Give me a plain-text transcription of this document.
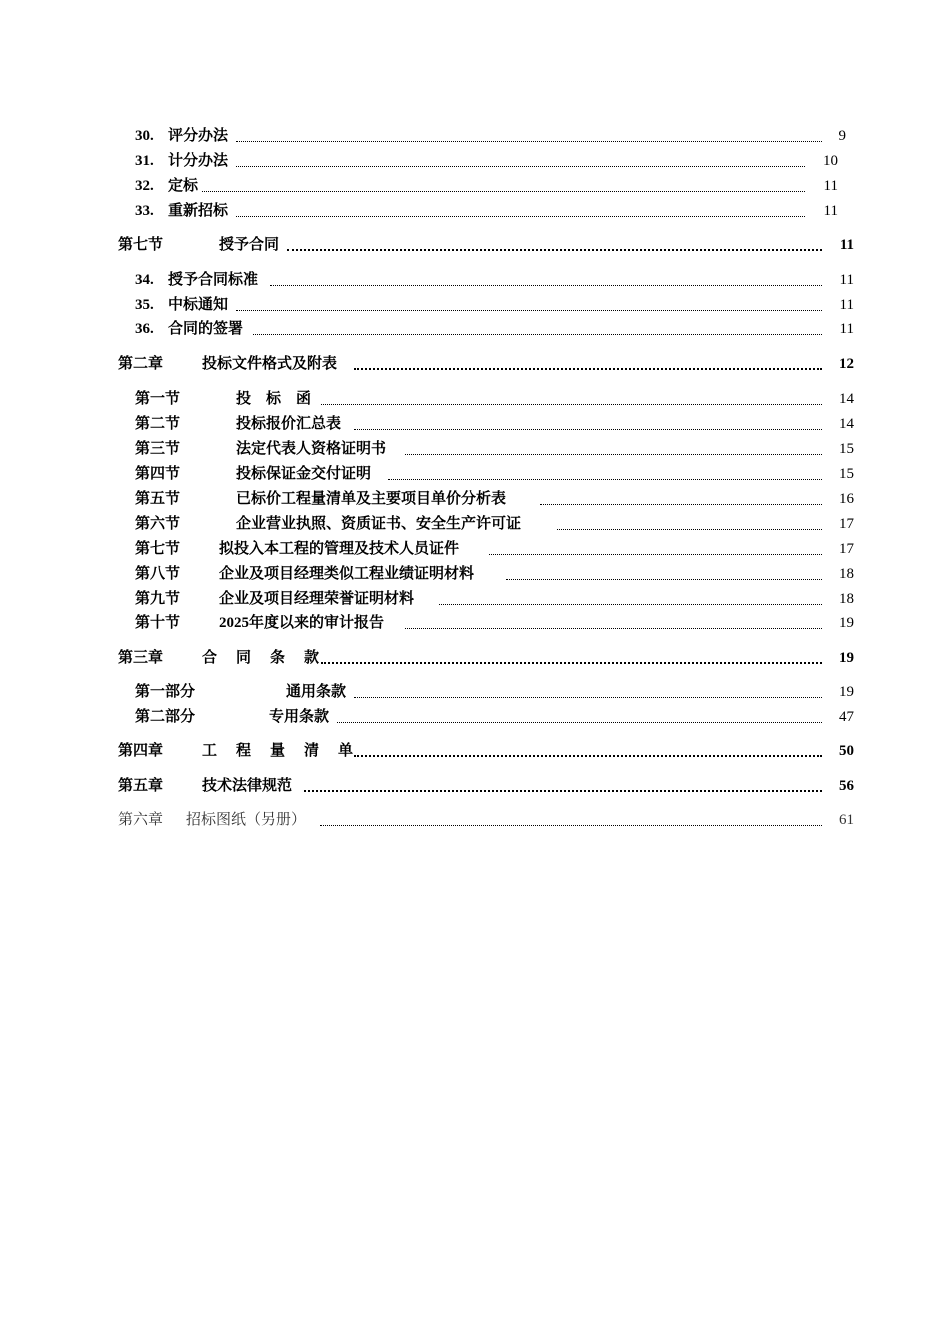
30. 评分办法	9
31. 计分办法	10
32. 定标	11
33. 重新招标	11
第七节	授予合同	11
34. 授予合同标准	11
35. 中标通知	11
36. 合同的签署	11
第二章	投标文件格式及附表	12
第一节	投　标　函	14
第二节	投标报价汇总表	14
第三节	法定代表人资格证明书	15
第四节	投标保证金交付证明	15
第五节	已标价工程量清单及主要项目单价分析表	16
第六节	企业营业执照、资质证书、安全生产许可证	17
第七节	拟投入本工程的管理及技术人员证件	17
第八节	企业及项目经理类似工程业绩证明材料	18
第九节	企业及项目经理荣誉证明材料	18
第十节	2025年度以来的审计报告	19
第三章	合　同　条　款	19
第一部分	通用条款	19
第二部分	专用条款	47
第四章	工　程　量　清　单	50
第五章	技术法律规范	56
第六章 招标图纸（另册）	61
